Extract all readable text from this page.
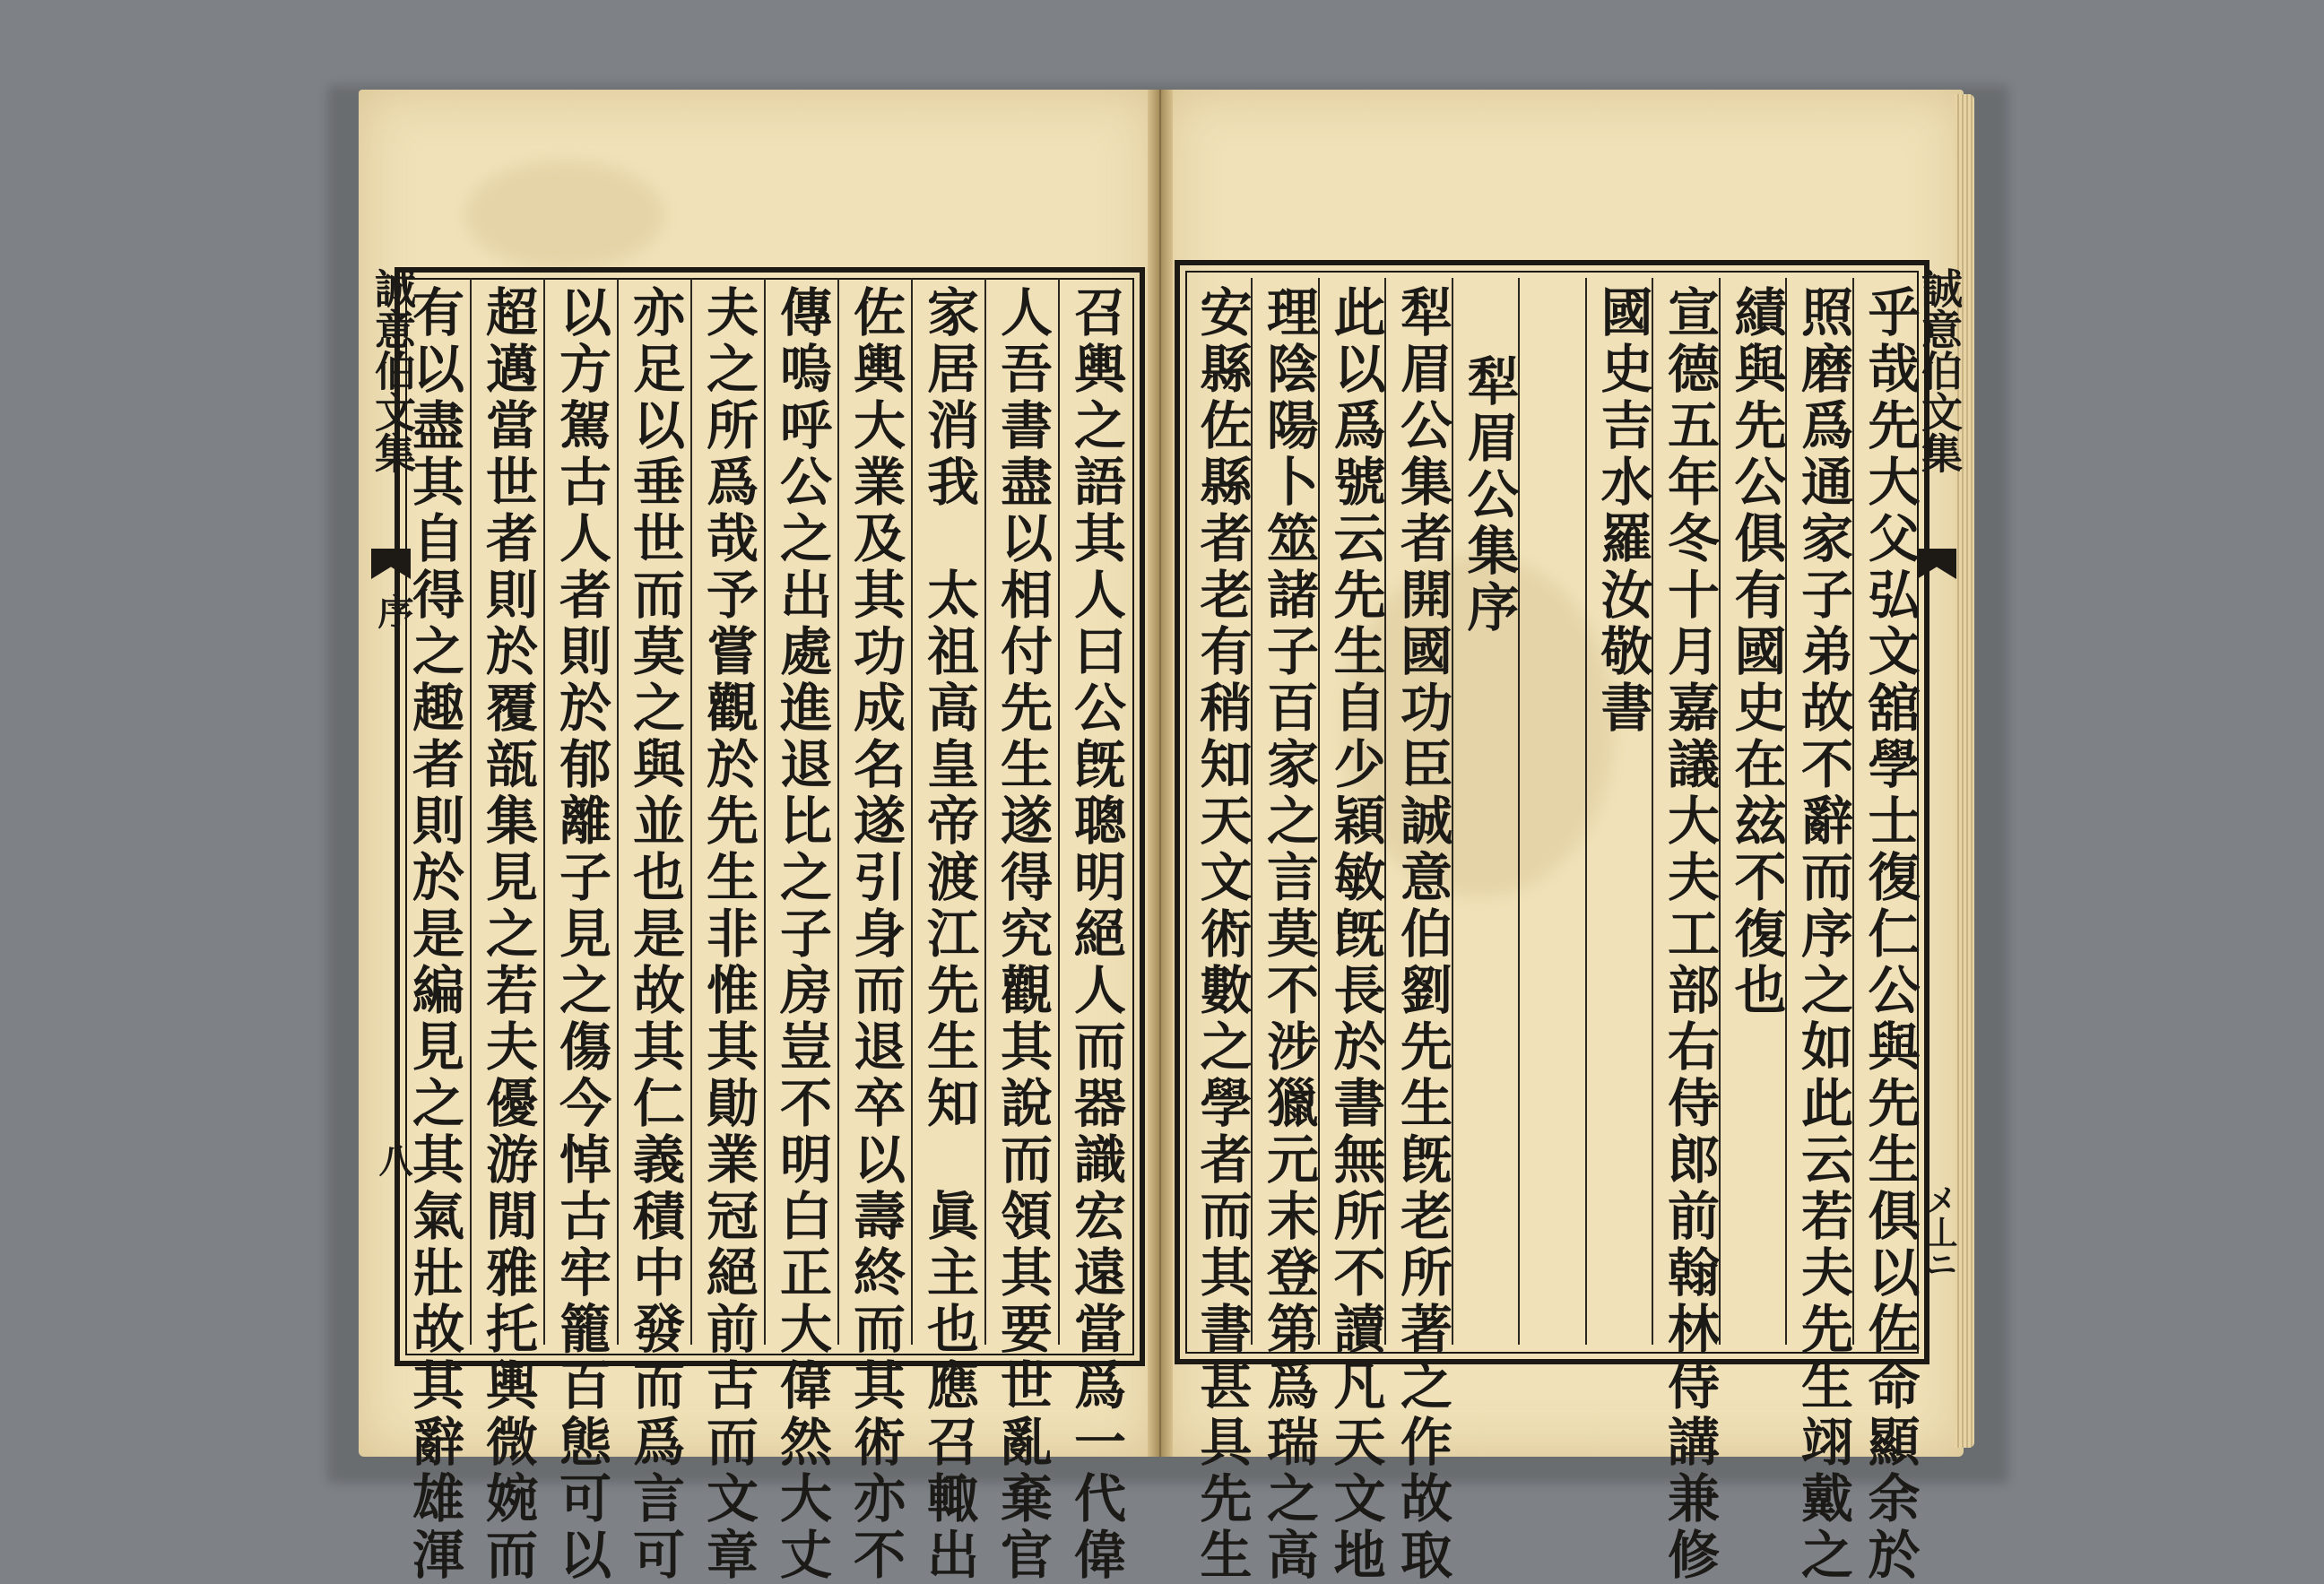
誠意伯文集
序
八	召輿之語其人曰公旣聰明絕人而器識宏遠當爲一代偉
人吾書盡以相付先生遂得究觀其說而領其要世亂棄官
家居消我　太祖高皇帝渡江先生知　眞主也應召輙出
佐輿大業及其功成名遂引身而退卒以壽終而其術亦不
傳嗚呼公之出處進退比之子房豈不明白正大偉然大丈
夫之所爲哉予嘗觀於先生非惟其勛業冠絕前古而文章
亦足以垂世而莫之與並也是故其仁義積中發而爲言可
以方駕古人者則於郁離子見之傷今悼古牢籠百態可以
超邁當世者則於覆瓿集見之若夫優游閒雅托輿微婉而
有以盡其自得之趣者則於是編見之其氣壯故其辭雄渾	誠意伯文集
メ丄ニ
乎哉先大父弘文舘學士復仁公與先生俱以佐命顯余於
照磨爲通家子弟故不辭而序之如此云若夫先生翊戴之
績與先公俱有國史在玆不復也
宣德五年冬十月嘉議大夫工部右侍郎前翰林侍講兼修
國史吉水羅汝敬書
犁眉公集序
犁眉公集者開國功臣誠意伯劉先生旣老所著之作故取
此以爲號云先生自少穎敏旣長於書無所不讀凡天文地
理陰陽卜筮諸子百家之言莫不涉獵元末登第爲瑞之高
安縣佐縣者老有稍知天文術數之學者而其書甚具先生
